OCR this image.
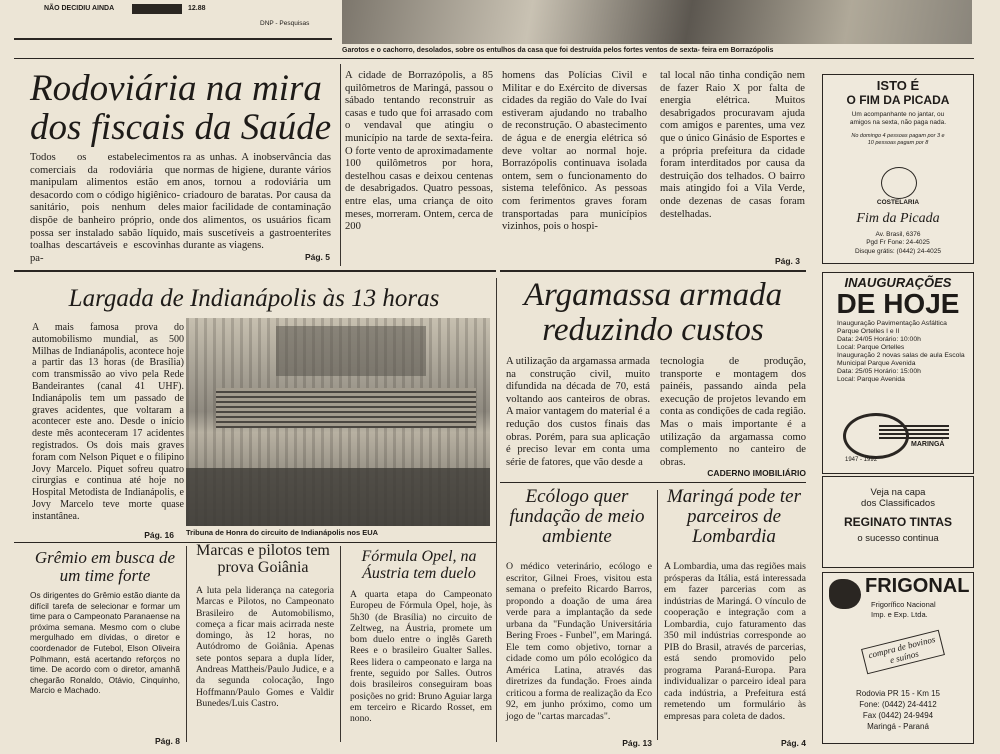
NÃO DECIDIU AINDA	12.88
DNP - Pesquisas
Garotos e o cachorro, desolados, sobre os entulhos da casa que foi destruída pelos fortes ventos de sexta- feira em Borrazópolis
Rodoviária na mira
dos fiscais da Saúde
Todos os estabelecimentos comerciais da rodoviária que manipulam alimentos estão em desacordo com o código higiênico-sanitário, pois nenhum deles dispõe de banheiro próprio, onde possa ser instalado sabão líquido, toalhas descartáveis e escovinhas pa-
ra as unhas. A inobservância das normas de higiene, durante vários anos, tornou a rodoviária um criadouro de baratas. Por causa da maior facilidade de contaminação dos alimentos, os usuários ficam mais suscetíveis a gastroenterites durante as viagens.
Pág. 5
A cidade de Borrazópolis, a 85 quilômetros de Maringá, passou o sábado tentando reconstruir as casas e tudo que foi arrasado com o vendaval que atingiu o município na tarde de sexta-feira. O forte vento de aproximadamente 100 quilômetros por hora, destelhou casas e deixou centenas de desabrigados. Quatro pessoas, entre elas, uma criança de oito meses, morreram. Ontem, cerca de 200
homens das Polícias Civil e Militar e do Exército de diversas cidades da região do Vale do Ivaí estiveram ajudando no trabalho de reconstrução. O abastecimento de água e de energia elétrica só deve voltar ao normal hoje. Borrazópolis continuava isolada ontem, sem o funcionamento do sistema telefônico. As pessoas com ferimentos graves foram transportadas para municípios vizinhos, pois o hospi-
tal local não tinha condição nem de fazer Raio X por falta de energia elétrica. Muitos desabrigados procuravam ajuda com amigos e parentes, uma vez que o único Ginásio de Esportes e a própria prefeitura da cidade foram interditados por causa da destruição dos telhados. O bairro mais atingido foi a Vila Verde, onde dezenas de casas foram destelhadas.
Pág. 3
ISTO É
O FIM DA PICADA
Um acompanhante no jantar, ou amigos na sexta, não paga nada.
No domingo 4 pessoas pagam por 3 e 10 pessoas pagam por 8
COSTELARIA
Fim da Picada
Av. Brasil, 6376
Pgd Fr Fone: 24-4025
Disque grátis: (0442) 24-4025
Largada de Indianápolis às 13 horas
A mais famosa prova do automobilismo mundial, as 500 Milhas de Indianápolis, acontece hoje a partir das 13 horas (de Brasília) com transmissão ao vivo pela Rede Bandeirantes (canal 41 UHF). Indianápolis tem um passado de graves acidentes, que voltaram a acontecer este ano. Desde o início deste mês aconteceram 17 acidentes registrados. Os dois mais graves foram com Nelson Piquet e o filipino Jovy Marcelo. Piquet sofreu quatro cirurgias e continua até hoje no Hospital Metodista de Indianápolis, e Jovy Marcelo teve morte quase instantânea.
Pág. 16 Tribuna de Honra do circuito de Indianápolis nos EUA
Argamassa armada
reduzindo custos
A utilização da argamassa armada na construção civil, muito difundida na década de 70, está voltando aos canteiros de obras. A maior vantagem do material é a redução dos custos finais das obras. Porém, para sua aplicação é preciso levar em conta uma série de fatores, que vão desde a

tecnologia de produção, transporte e montagem dos painéis, passando ainda pela execução de projetos levando em conta as condições de cada região.

Mas o mais importante é a utilização da argamassa como complemento no canteiro de obras.

CADERNO IMOBILIÁRIO
INAUGURAÇÕES
DE HOJE
Inauguração Pavimentação Asfáltica Parque Ortelles I e II
Data: 24/05 Horário: 10:00h
Local: Parque Ortelles
Inauguração 2 novas salas de aula Escola Municipal Parque Avenida
Data: 25/05 Horário: 15:00h
Local: Parque Avenida
1947 - 1992
MARINGÁ
Grêmio em busca de um time forte
Os dirigentes do Grêmio estão diante da difícil tarefa de selecionar e formar um time para o Campeonato Paranaense na próxima semana. Mesmo com o clube mergulhado em dívidas, o diretor e coordenador de Futebol, Elson Oliveira Polhmann, está acertando reforços no time. De acordo com o diretor, amanhã chegarão Ronaldo, Otávio, Cinquinho, Marcio e Machado.
Pág. 8
Marcas e pilotos tem prova Goiânia
A luta pela liderança na categoria Marcas e Pilotos, no Campeonato Brasileiro de Automobilismo, começa a ficar mais acirrada neste domingo, às 12 horas, no Autódromo de Goiânia. Apenas sete pontos separa a dupla líder, Andreas Mattheis/Paulo Judice, e a da segunda colocação, Ingo Hoffmann/Paulo Gomes e Valdir Bunedes/Luis Castro.
Fórmula Opel, na Áustria tem duelo
A quarta etapa do Campeonato Europeu de Fórmula Opel, hoje, às 5h30 (de Brasília) no circuito de Zeltweg, na Áustria, promete um bom duelo entre o inglês Gareth Rees e o brasileiro Gualter Salles. Rees lidera o campeonato e larga na frente, seguido por Salles. Outros dois brasileiros conseguiram boas posições no grid: Bruno Aguiar larga em terceiro e Ricardo Rosset, em nono.
Ecólogo quer fundação de meio ambiente
O médico veterinário, ecólogo e escritor, Gilnei Froes, visitou esta semana o prefeito Ricardo Barros, propondo a doação de uma área verde para a implantação da sede urbana da "Fundação Universitária Bering Froes - Funbel", em Maringá. Ele tem como objetivo, tornar a cidade como um pólo ecológico da América Latina, através das diretrizes da fundação. Froes ainda criticou a forma de realização da Eco 92, em junho próximo, como um jogo de "cartas marcadas".
Pág. 13
Maringá pode ter parceiros de Lombardia
A Lombardia, uma das regiões mais prósperas da Itália, está interessada em fazer parcerias com as indústrias de Maringá. O vínculo de cooperação e integração com a Lombardia, cujo faturamento das 350 mil indústrias corresponde ao PIB do Brasil, através de parcerias, está sendo promovido pelo programa Paraná-Europa. Para individualizar o parceiro ideal para cada indústria, a Prefeitura está remetendo um formulário às empresas para coleta de dados.
Pág. 4
Veja na capa
dos Classificados
REGINATO TINTAS
o sucesso continua
FRIGONAL
Frigorífico Nacional
Imp. e Exp. Ltda.
compra de bovinos e suínos
Rodovia PR 15 - Km 15
Fone: (0442) 24-4412
Fax (0442) 24-9494
Maringá - Paraná
